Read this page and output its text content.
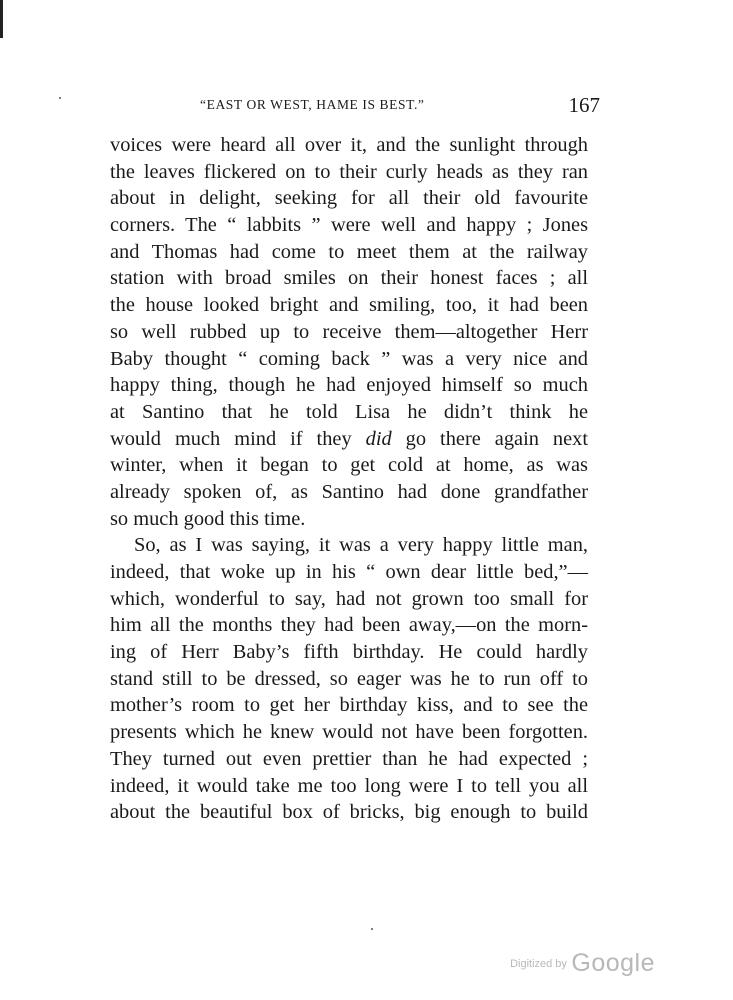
“EAST OR WEST, HAME IS BEST.”	167

voices were heard all over it, and the sunlight through
the leaves flickered on to their curly heads as they ran
about in delight, seeking for all their old favourite
corners. The “ labbits ” were well and happy ; Jones
and Thomas had come to meet them at the railway
station with broad smiles on their honest faces ; all
the house looked bright and smiling, too, it had been
so well rubbed up to receive them—altogether Herr
Baby thought “ coming back ” was a very nice and
happy thing, though he had enjoyed himself so much
at Santino that he told Lisa he didn’t think he
would much mind if they did go there again next
winter, when it began to get cold at home, as was
already spoken of, as Santino had done grandfather
so much good this time.

So, as I was saying, it was a very happy little man,
indeed, that woke up in his “ own dear little bed,”—
which, wonderful to say, had not grown too small for
him all the months they had been away,—on the morn-
ing of Herr Baby’s fifth birthday. He could hardly
stand still to be dressed, so eager was he to run off to
mother’s room to get her birthday kiss, and to see the
presents which he knew would not have been forgotten.
They turned out even prettier than he had expected ;
indeed, it would take me too long were I to tell you all
about the beautiful box of bricks, big enough to build

$^{Digitized by}$ Google
